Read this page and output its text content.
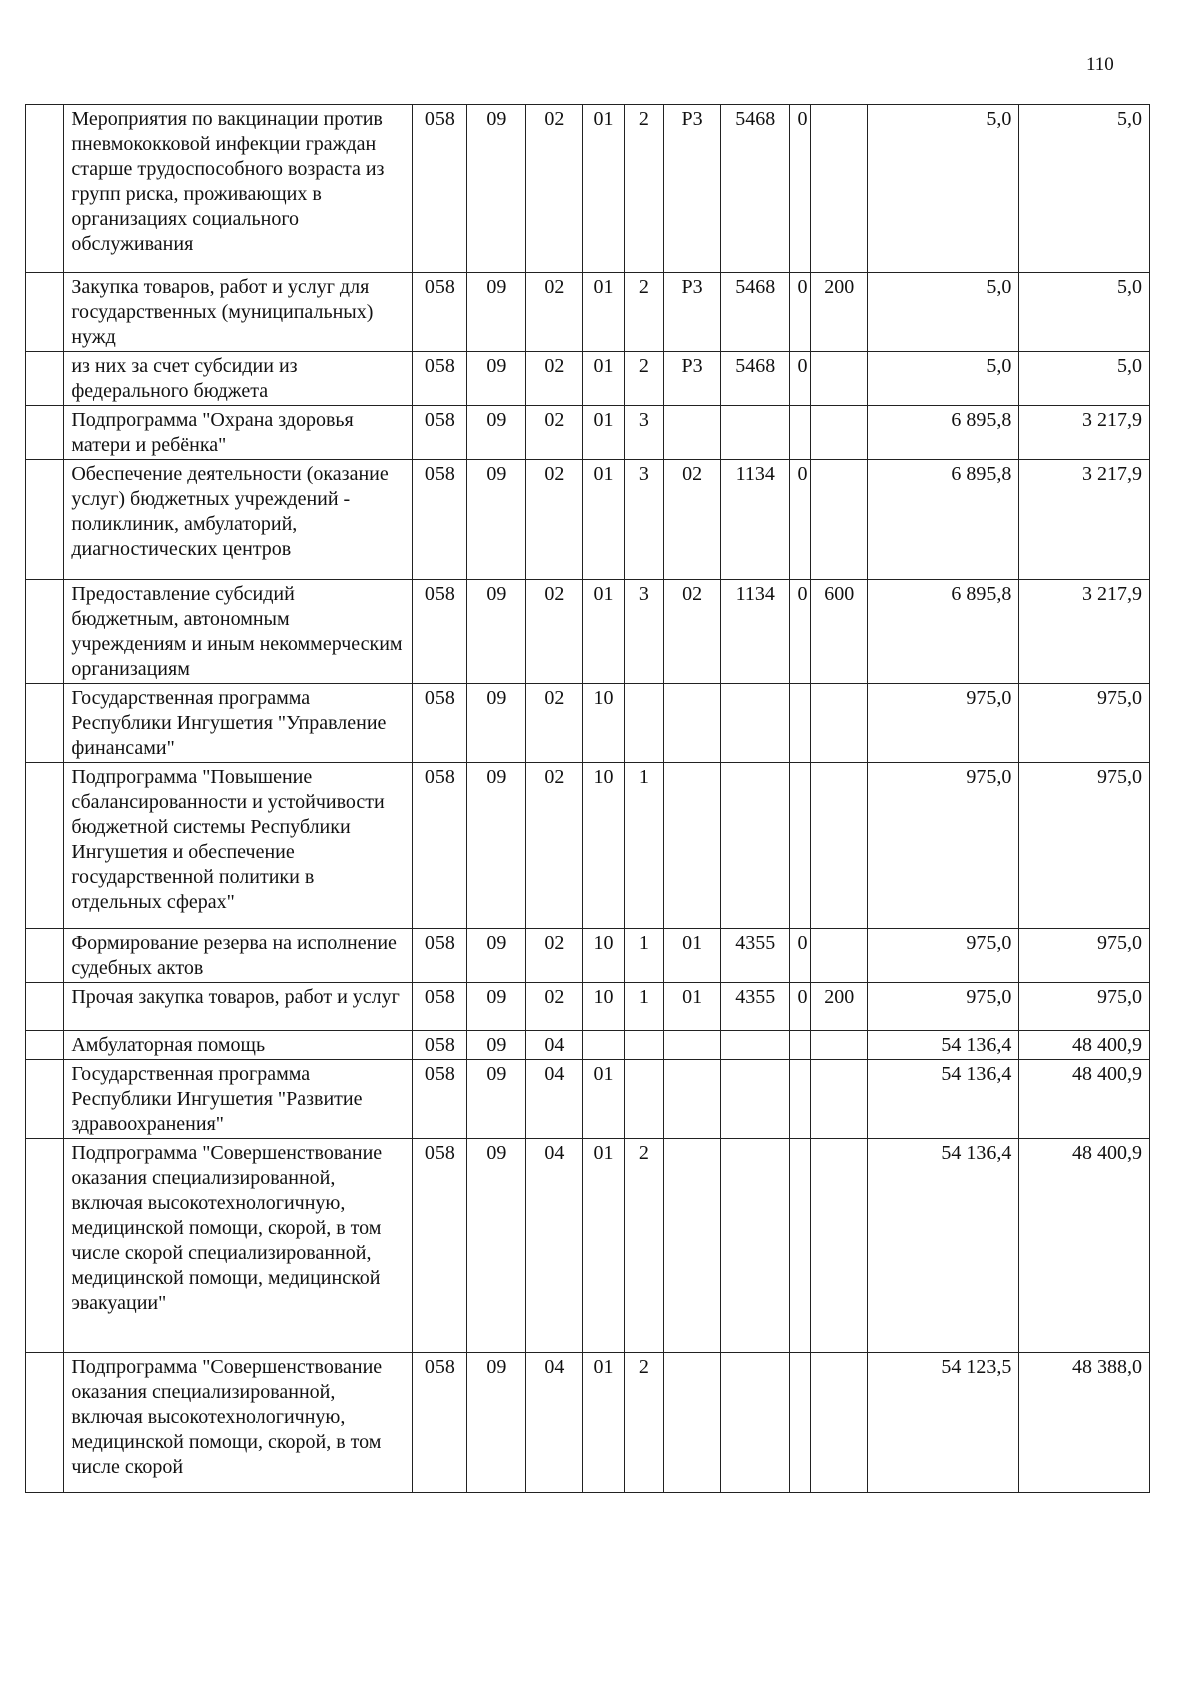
110
	Мероприятия по вакцинации против пневмококковой инфекции граждан старше трудоспособного возраста из групп риска, проживающих в организациях социального обслуживания	058	09	02	01	2	Р3	5468	0		5,0	5,0
	Закупка товаров, работ и услуг для государственных (муниципальных) нужд	058	09	02	01	2	Р3	5468	0	200	5,0	5,0
	из них за счет субсидии из федерального бюджета	058	09	02	01	2	Р3	5468	0		5,0	5,0
	Подпрограмма "Охрана здоровья матери и ребёнка"	058	09	02	01	3					6 895,8	3 217,9
	Обеспечение деятельности (оказание услуг) бюджетных учреждений - поликлиник, амбулаторий, диагностических центров	058	09	02	01	3	02	1134	0		6 895,8	3 217,9
	Предоставление субсидий бюджетным, автономным учреждениям и иным некоммерческим организациям	058	09	02	01	3	02	1134	0	600	6 895,8	3 217,9
	Государственная программа Республики Ингушетия "Управление финансами"	058	09	02	10						975,0	975,0
	Подпрограмма "Повышение сбалансированности и устойчивости бюджетной системы Республики Ингушетия и обеспечение государственной политики в отдельных сферах"	058	09	02	10	1					975,0	975,0
	Формирование резерва на исполнение судебных актов	058	09	02	10	1	01	4355	0		975,0	975,0
	Прочая закупка товаров, работ и услуг	058	09	02	10	1	01	4355	0	200	975,0	975,0
	Амбулаторная помощь	058	09	04							54 136,4	48 400,9
	Государственная программа Республики Ингушетия "Развитие здравоохранения"	058	09	04	01						54 136,4	48 400,9
	Подпрограмма "Совершенствование оказания специализированной, включая высокотехнологичную, медицинской помощи, скорой, в том числе скорой специализированной, медицинской помощи, медицинской эвакуации"	058	09	04	01	2					54 136,4	48 400,9
	Подпрограмма "Совершенствование оказания специализированной, включая высокотехнологичную, медицинской помощи, скорой, в том числе скорой	058	09	04	01	2					54 123,5	48 388,0
